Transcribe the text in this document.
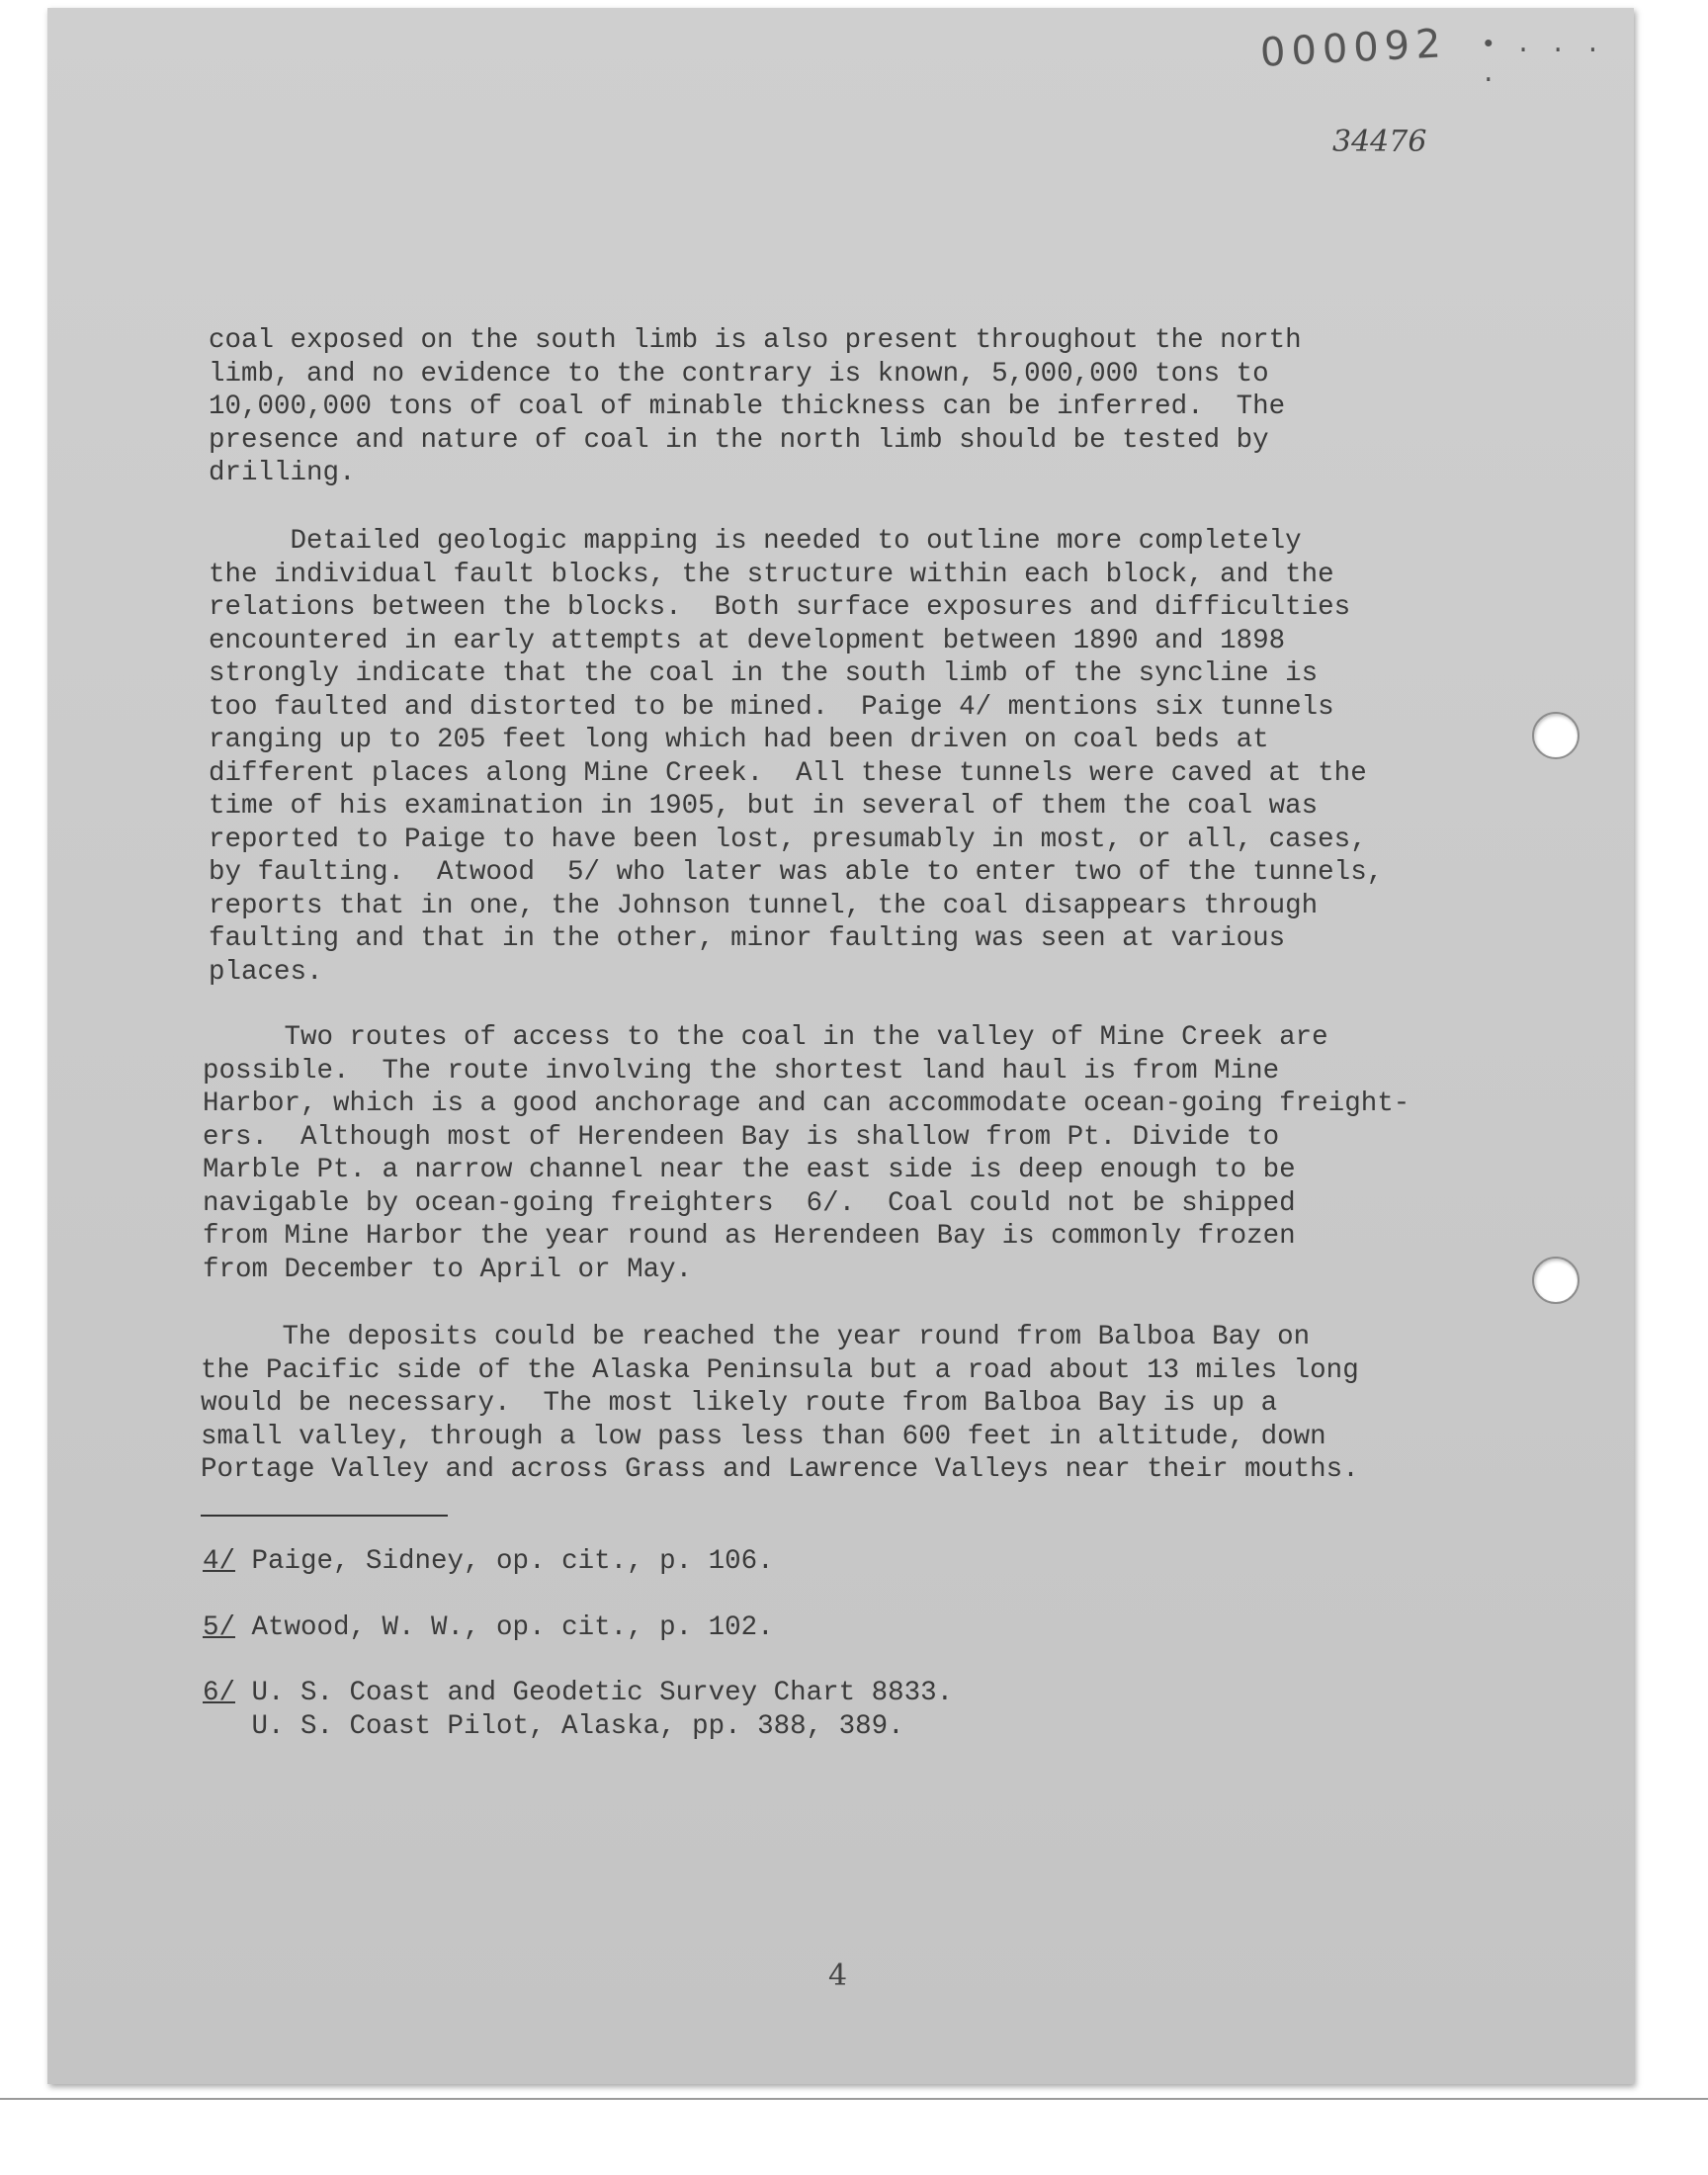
000092 • . . . .
34476

coal exposed on the south limb is also present throughout the north
limb, and no evidence to the contrary is known, 5,000,000 tons to
10,000,000 tons of coal of minable thickness can be inferred.  The
presence and nature of coal in the north limb should be tested by
drilling.

Detailed geologic mapping is needed to outline more completely
the individual fault blocks, the structure within each block, and the
relations between the blocks.  Both surface exposures and difficulties
encountered in early attempts at development between 1890 and 1898
strongly indicate that the coal in the south limb of the syncline is
too faulted and distorted to be mined.  Paige 4/ mentions six tunnels
ranging up to 205 feet long which had been driven on coal beds at
different places along Mine Creek.  All these tunnels were caved at the
time of his examination in 1905, but in several of them the coal was
reported to Paige to have been lost, presumably in most, or all, cases,
by faulting.  Atwood  5/ who later was able to enter two of the tunnels,
reports that in one, the Johnson tunnel, the coal disappears through
faulting and that in the other, minor faulting was seen at various
places.

Two routes of access to the coal in the valley of Mine Creek are
possible.  The route involving the shortest land haul is from Mine
Harbor, which is a good anchorage and can accommodate ocean-going freight-
ers.  Although most of Herendeen Bay is shallow from Pt. Divide to
Marble Pt. a narrow channel near the east side is deep enough to be
navigable by ocean-going freighters  6/.  Coal could not be shipped
from Mine Harbor the year round as Herendeen Bay is commonly frozen
from December to April or May.

The deposits could be reached the year round from Balboa Bay on
the Pacific side of the Alaska Peninsula but a road about 13 miles long
would be necessary.  The most likely route from Balboa Bay is up a
small valley, through a low pass less than 600 feet in altitude, down
Portage Valley and across Grass and Lawrence Valleys near their mouths.

4/ Paige, Sidney, op. cit., p. 106.
5/ Atwood, W. W., op. cit., p. 102.
6/ U. S. Coast and Geodetic Survey Chart 8833.
U. S. Coast Pilot, Alaska, pp. 388, 389.
4
